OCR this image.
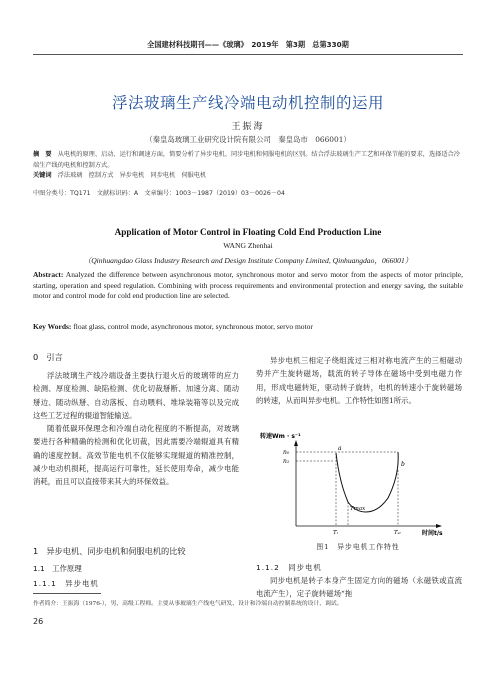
全国建材科技期刊——《玻璃》　2019年　第3期　总第330期
浮法玻璃生产线冷端电动机控制的运用
王振海
（秦皇岛玻璃工业研究设计院有限公司　秦皇岛市　066001）
摘　要　 从电机的原理、启动、运行和调速方面，简要分析了异步电机、同步电机和伺服电机的区别。结合浮法玻璃生产工艺和环保节能的要求，选择适合冷端生产线的电机和控制方式。
关键词　 浮法玻璃　控制方式　异步电机　同步电机　伺服电机
中图分类号：TQ171　文献标识码：A　文章编号：1003－1987（2019）03－0026－04
Application of Motor Control in Floating Cold End Production Line
WANG Zhenhai
（Qinhuangdao Glass Industry Research and Design Institute Company Limited, Qinhuangdao，066001）
Abstract: Analyzed the difference between asynchronous motor, synchronous motor and servo motor from the aspects of motor principle, starting, operation and speed regulation. Combining with process requirements and environmental protection and energy saving, the suitable motor and control mode for cold end production line are selected.
Key Words: float glass, control mode, asynchronous motor, synchronous motor, servo motor
0　引言

浮法玻璃生产线冷端设备主要执行退火后的玻璃带的应力检测、厚度检测、缺陷检测、优化切裁掰断、加速分离、随动掰边、随动纵掰、自动落板、自动喂料、堆垛装箱等以及完成这些工艺过程的辊道智能输送。

随着低碳环保理念和冷端自动化程度的不断提高，对玻璃要进行各种精确的检测和优化切裁，因此需要冷端辊道具有精确的速度控制。高效节能电机不仅能够实现辊道的精准控制，减少电动机损耗，提高运行可靠性，延长使用寿命，减少电能消耗，而且可以直接带来其大的环保效益。

1　异步电机、同步电机和伺服电机的比较
1.1　工作原理
1.1.1　异步电机

异步电机三相定子绕组流过三相对称电流产生的三相磁动势并产生旋转磁场，载流的转子导体在磁场中受到电磁力作用，形成电磁转矩，驱动转子旋转，电机的转速小于旋转磁场的转速，从而叫异步电机。工作特性如图1所示。

转速Wm · s⁻¹
n₀
n₁
a
b
Tmax
Tₗ	Tₛₜ	时间t/s
图1　异步电机工作特性
1.1.2　同步电机

同步电机是转子本身产生固定方向的磁场（永磁铁或直流电流产生），定子旋转磁场“拖

作者简介：王振海（1976-），男，高级工程师。主要从事玻璃生产线电气研发、设计和冷端自动控制系统的设计、调试。
26
